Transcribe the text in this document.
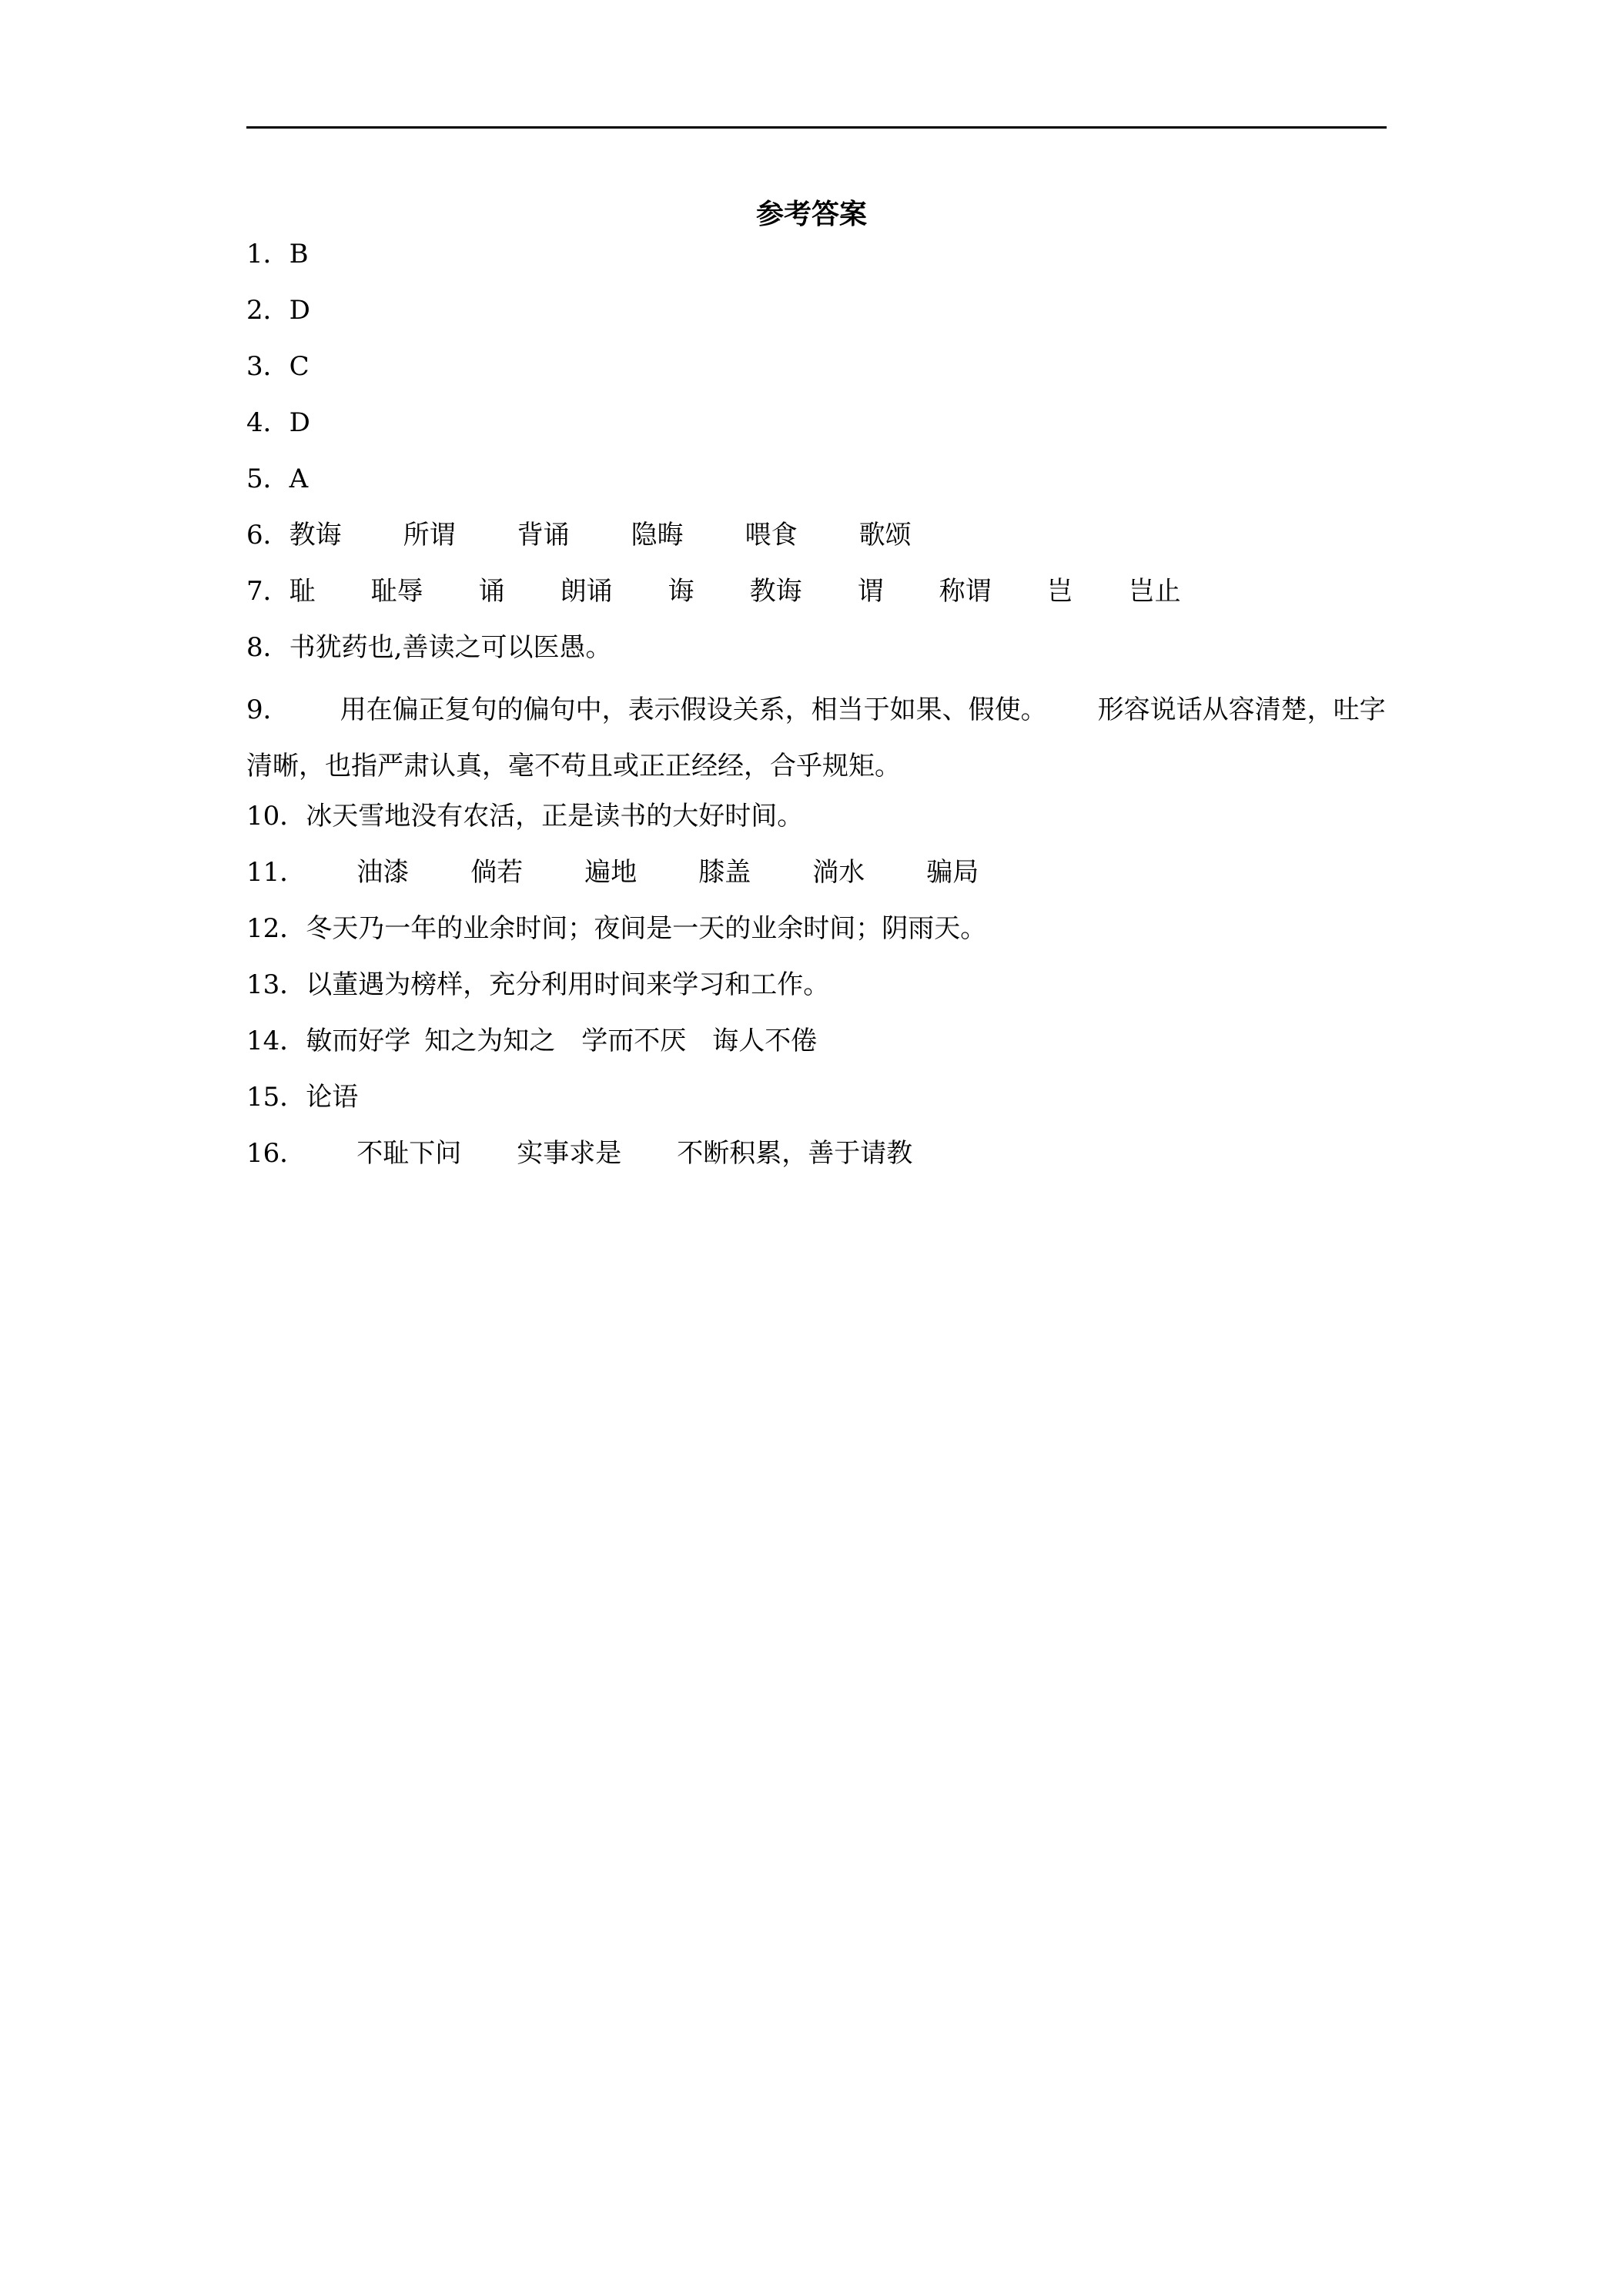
参考答案
1．B
2．D
3．C
4．D
5．A
6．教诲 所谓 背诵 隐晦 喂食 歌颂
7．耻 耻辱 诵 朗诵 诲 教诲 谓 称谓 岂 岂止
8．书犹药也,善读之可以医愚。
9． 用在偏正复句的偏句中，表示假设关系，相当于如果、假使。 形容说话从容清楚，吐字清晰，也指严肃认真，毫不苟且或正正经经，合乎规矩。
10．冰天雪地没有农活，正是读书的大好时间。
11． 油漆 倘若 遍地 膝盖 淌水 骗局
12．冬天乃一年的业余时间；夜间是一天的业余时间；阴雨天。
13．以董遇为榜样，充分利用时间来学习和工作。
14．敏而好学 知之为知之 学而不厌 诲人不倦
15．论语
16． 不耻下问 实事求是 不断积累，善于请教
